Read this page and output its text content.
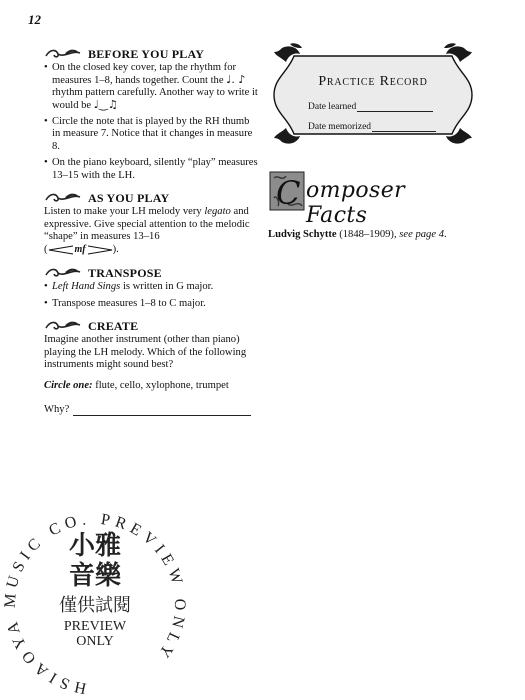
12
BEFORE YOU PLAY
• On the closed key cover, tap the rhythm for measures 1–8, hands together. Count the ♩. ♪ rhythm pattern carefully. Another way to write it would be ♩‿♫
• Circle the note that is played by the RH thumb in measure 7. Notice that it changes in measure 8.
• On the piano keyboard, silently “play” measures 13–15 with the LH.
AS YOU PLAY

Listen to make your LH melody very legato and expressive. Give special attention to the melodic “shape” in measures 13–16

(	mf	).

TRANSPOSE
• Left Hand Sings is written in G major.
• Transpose measures 1–8 to C major.
CREATE

Imagine another instrument (other than piano) playing the LH melody. Which of the following instruments might sound best?

Circle one: flute, cello, xylophone, trumpet
Why?
Practice Record
Date learned
Date memorized
C omposer Facts
Ludvig Schytte (1848–1909), see page 4.
HSIAOYA MUSIC CO. PREVIEW ONLY
小雅
音樂
僅供試閱
PREVIEW
ONLY
